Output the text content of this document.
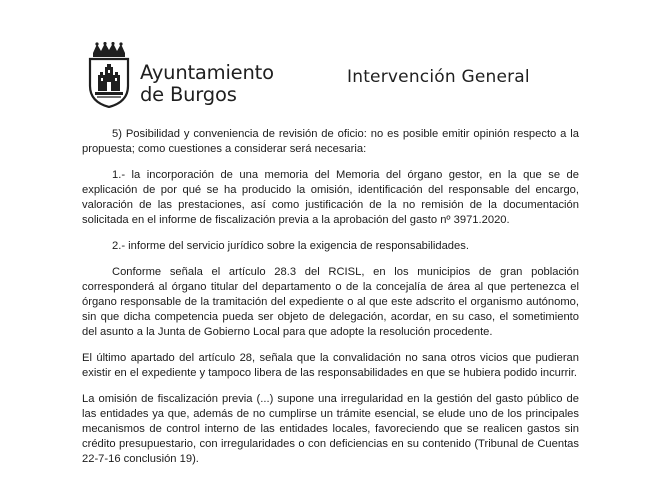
Ayuntamiento
de Burgos
Intervención General

5) Posibilidad y conveniencia de revisión de oficio: no es posible emitir opinión respecto a la propuesta; como cuestiones a considerar será necesaria:

1.- la incorporación de una memoria del Memoria del órgano gestor, en la que se de explicación de por qué se ha producido la omisión, identificación del responsable del encargo, valoración de las prestaciones, así como justificación de la no remisión de la documentación solicitada en el informe de fiscalización previa a la aprobación del gasto nº 3971.2020.

2.- informe del servicio jurídico sobre la exigencia de responsabilidades.

Conforme señala el artículo 28.3 del RCISL, en los municipios de gran población corresponderá al órgano titular del departamento o de la concejalía de área al que pertenezca el órgano responsable de la tramitación del expediente o al que este adscrito el organismo autónomo, sin que dicha competencia pueda ser objeto de delegación, acordar, en su caso, el sometimiento del asunto a la Junta de Gobierno Local para que adopte la resolución procedente.

El último apartado del artículo 28, señala que la convalidación no sana otros vicios que pudieran existir en el expediente y tampoco libera de las responsabilidades en que se hubiera podido incurrir.

La omisión de fiscalización previa (...) supone una irregularidad en la gestión del gasto público de las entidades ya que, además de no cumplirse un trámite esencial, se elude uno de los principales mecanismos de control interno de las entidades locales, favoreciendo que se realicen gastos sin crédito presupuestario, con irregularidades o con deficiencias en su contenido (Tribunal de Cuentas 22-7-16 conclusión 19).
